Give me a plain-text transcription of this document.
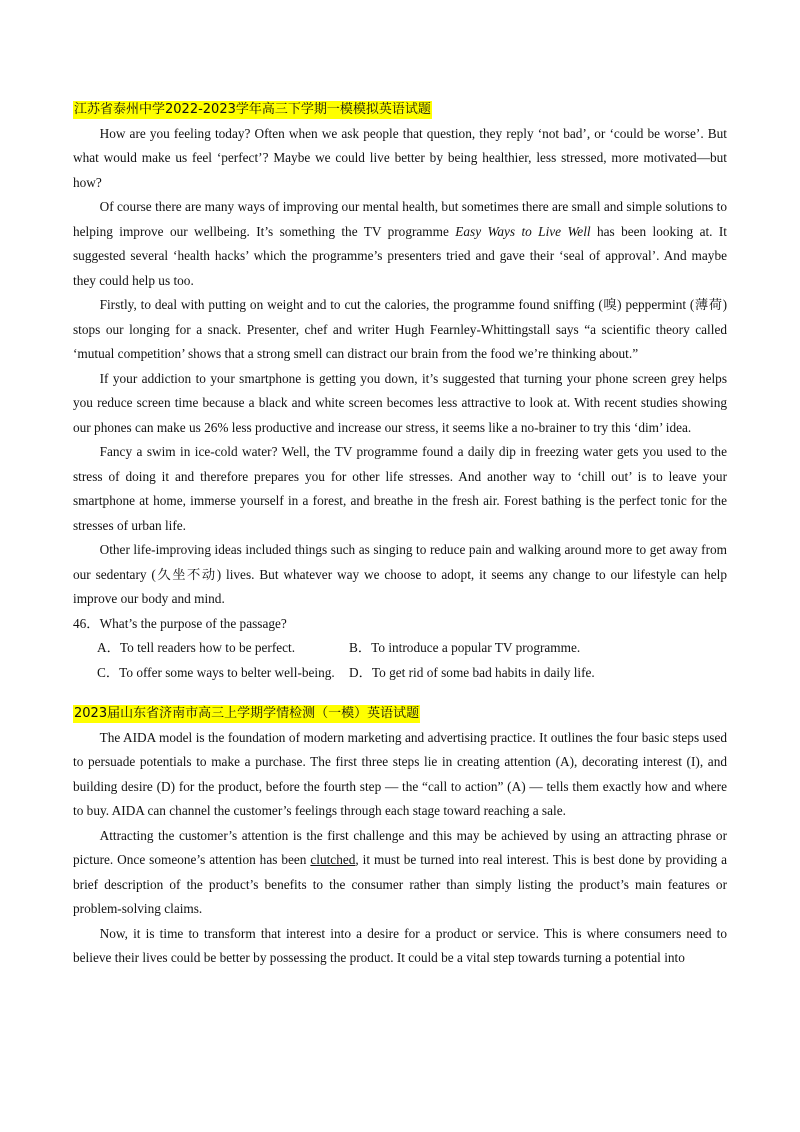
江苏省泰州中学2022-2023学年高三下学期一模模拟英语试题

How are you feeling today? Often when we ask people that question, they reply ‘not bad’, or ‘could be worse’. But what would make us feel ‘perfect’? Maybe we could live better by being healthier, less stressed, more motivated—but how?

Of course there are many ways of improving our mental health, but sometimes there are small and simple solutions to helping improve our wellbeing. It’s something the TV programme Easy Ways to Live Well has been looking at. It suggested several ‘health hacks’ which the programme’s presenters tried and gave their ‘seal of approval’. And maybe they could help us too.

Firstly, to deal with putting on weight and to cut the calories, the programme found sniffing (嗅) peppermint (薄荷) stops our longing for a snack. Presenter, chef and writer Hugh Fearnley-Whittingstall says “a scientific theory called ‘mutual competition’ shows that a strong smell can distract our brain from the food we’re thinking about.”

If your addiction to your smartphone is getting you down, it’s suggested that turning your phone screen grey helps you reduce screen time because a black and white screen becomes less attractive to look at. With recent studies showing our phones can make us 26% less productive and increase our stress, it seems like a no-brainer to try this ‘dim’ idea.

Fancy a swim in ice-cold water? Well, the TV programme found a daily dip in freezing water gets you used to the stress of doing it and therefore prepares you for other life stresses. And another way to ‘chill out’ is to leave your smartphone at home, immerse yourself in a forest, and breathe in the fresh air. Forest bathing is the perfect tonic for the stresses of urban life.

Other life-improving ideas included things such as singing to reduce pain and walking around more to get away from our sedentary (久坐不动) lives. But whatever way we choose to adopt, it seems any change to our lifestyle can help improve our body and mind.

46．What’s the purpose of the passage?
A．To tell readers how to be perfect.	B．To introduce a popular TV programme.
C．To offer some ways to belter well-being.	D．To get rid of some bad habits in daily life.
2023届山东省济南市高三上学期学情检测（一模）英语试题

The AIDA model is the foundation of modern marketing and advertising practice. It outlines the four basic steps used to persuade potentials to make a purchase. The first three steps lie in creating attention (A), decorating interest (I), and building desire (D) for the product, before the fourth step — the “call to action” (A) — tells them exactly how and where to buy. AIDA can channel the customer’s feelings through each stage toward reaching a sale.

Attracting the customer’s attention is the first challenge and this may be achieved by using an attracting phrase or picture. Once someone’s attention has been clutched, it must be turned into real interest. This is best done by providing a brief description of the product’s benefits to the consumer rather than simply listing the product’s main features or problem-solving claims.

Now, it is time to transform that interest into a desire for a product or service. This is where consumers need to believe their lives could be better by possessing the product. It could be a vital step towards turning a potential into
